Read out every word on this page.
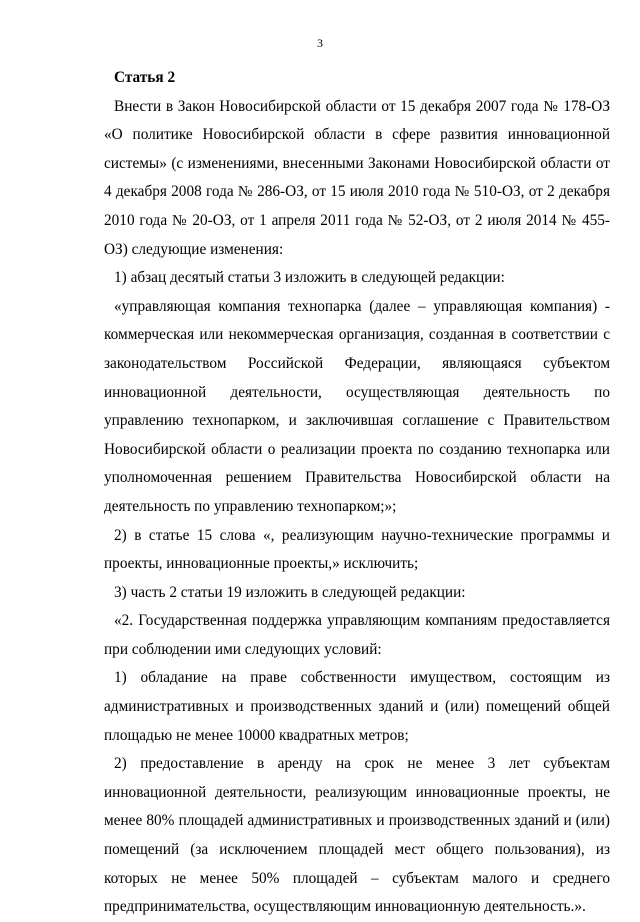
3
Статья 2

Внести в Закон Новосибирской области от 15 декабря 2007 года № 178-ОЗ «О политике Новосибирской области в сфере развития инновационной системы» (с изменениями, внесенными Законами Новосибирской области от 4 декабря 2008 года № 286-ОЗ, от 15 июля 2010 года № 510-ОЗ, от 2 декабря 2010 года № 20-ОЗ, от 1 апреля 2011 года № 52-ОЗ, от 2 июля 2014 № 455-ОЗ) следующие изменения:

1) абзац десятый статьи 3 изложить в следующей редакции:

«управляющая компания технопарка (далее – управляющая компания) - коммерческая или некоммерческая организация, созданная в соответствии с законодательством Российской Федерации, являющаяся субъектом инновационной деятельности, осуществляющая деятельность по управлению технопарком, и заключившая соглашение с Правительством Новосибирской области о реализации проекта по созданию технопарка или уполномоченная решением Правительства Новосибирской области на деятельность по управлению технопарком;»;

2) в статье 15 слова «, реализующим научно-технические программы и проекты, инновационные проекты,» исключить;

3) часть 2 статьи 19 изложить в следующей редакции:

«2. Государственная поддержка управляющим компаниям предоставляется при соблюдении ими следующих условий:

1) обладание на праве собственности имуществом, состоящим из административных и производственных зданий и (или) помещений общей площадью не менее 10000 квадратных метров;

2) предоставление в аренду на срок не менее 3 лет субъектам инновационной деятельности, реализующим инновационные проекты, не менее 80% площадей административных и производственных зданий и (или) помещений (за исключением площадей мест общего пользования), из которых не менее 50% площадей – субъектам малого и среднего предпринимательства, осуществляющим инновационную деятельность.».
